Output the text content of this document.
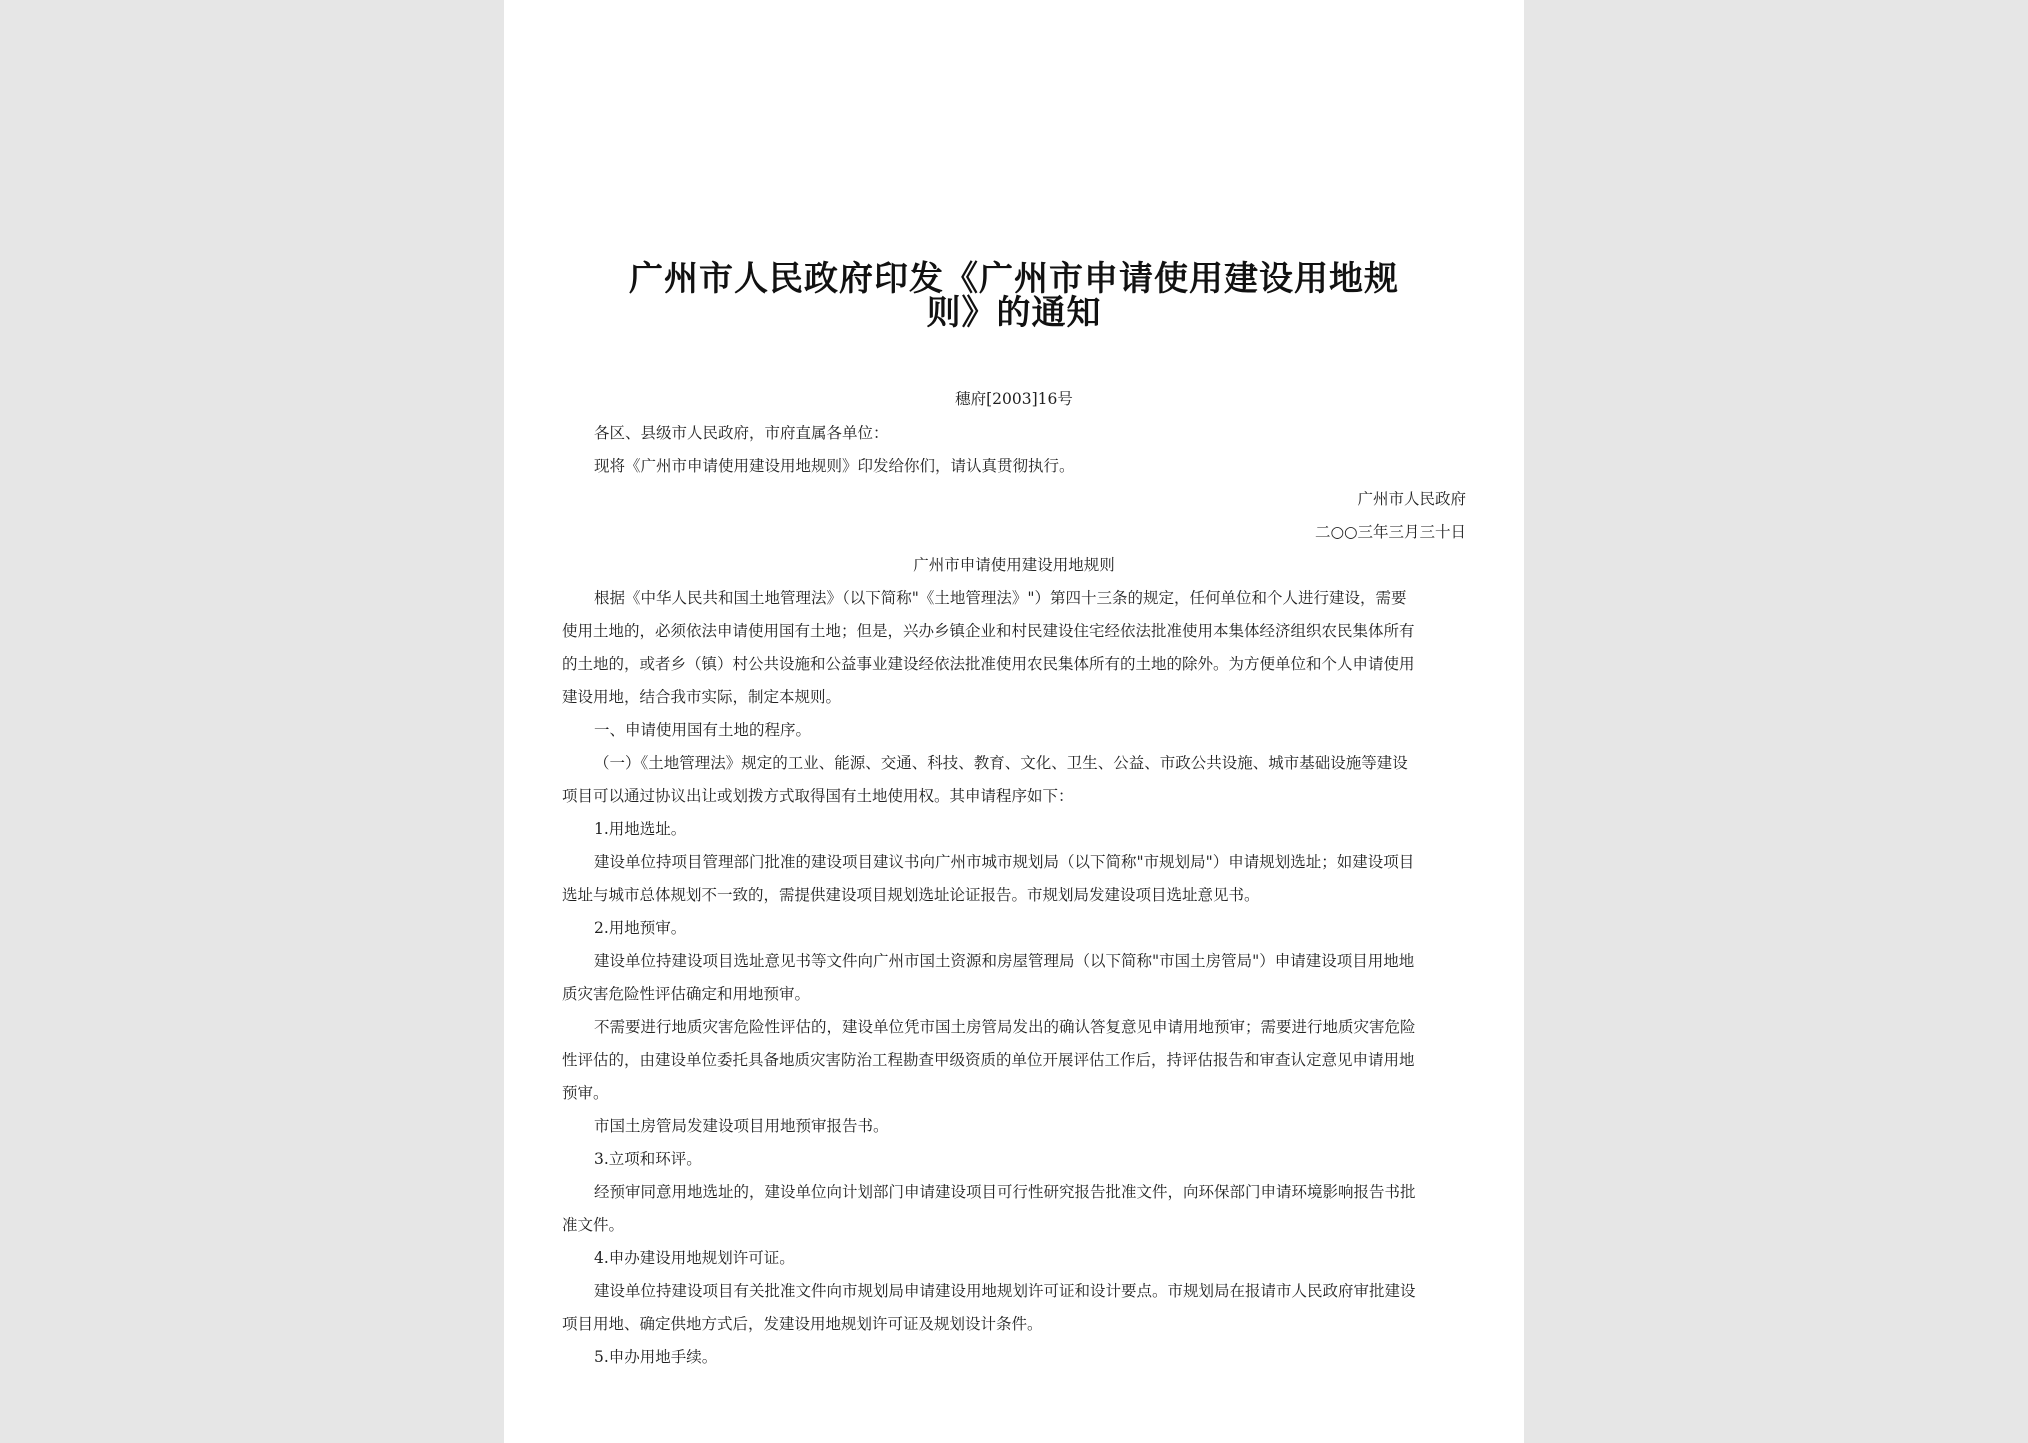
广州市人民政府印发《广州市申请使用建设用地规
则》的通知
穗府[2003]16号
各区、县级市人民政府，市府直属各单位：
现将《广州市申请使用建设用地规则》印发给你们，请认真贯彻执行。
广州市人民政府
二○○三年三月三十日
广州市申请使用建设用地规则
根据《中华人民共和国土地管理法》（以下简称"《土地管理法》"）第四十三条的规定，任何单位和个人进行建设，需要
使用土地的，必须依法申请使用国有土地；但是，兴办乡镇企业和村民建设住宅经依法批准使用本集体经济组织农民集体所有
的土地的，或者乡（镇）村公共设施和公益事业建设经依法批准使用农民集体所有的土地的除外。为方便单位和个人申请使用
建设用地，结合我市实际，制定本规则。
一、申请使用国有土地的程序。
（一）《土地管理法》规定的工业、能源、交通、科技、教育、文化、卫生、公益、市政公共设施、城市基础设施等建设
项目可以通过协议出让或划拨方式取得国有土地使用权。其申请程序如下：
1.用地选址。
建设单位持项目管理部门批准的建设项目建议书向广州市城市规划局（以下简称"市规划局"）申请规划选址；如建设项目
选址与城市总体规划不一致的，需提供建设项目规划选址论证报告。市规划局发建设项目选址意见书。
2.用地预审。
建设单位持建设项目选址意见书等文件向广州市国土资源和房屋管理局（以下简称"市国土房管局"）申请建设项目用地地
质灾害危险性评估确定和用地预审。
不需要进行地质灾害危险性评估的，建设单位凭市国土房管局发出的确认答复意见申请用地预审；需要进行地质灾害危险
性评估的，由建设单位委托具备地质灾害防治工程勘查甲级资质的单位开展评估工作后，持评估报告和审查认定意见申请用地
预审。
市国土房管局发建设项目用地预审报告书。
3.立项和环评。
经预审同意用地选址的，建设单位向计划部门申请建设项目可行性研究报告批准文件，向环保部门申请环境影响报告书批
准文件。
4.申办建设用地规划许可证。
建设单位持建设项目有关批准文件向市规划局申请建设用地规划许可证和设计要点。市规划局在报请市人民政府审批建设
项目用地、确定供地方式后，发建设用地规划许可证及规划设计条件。
5.申办用地手续。
